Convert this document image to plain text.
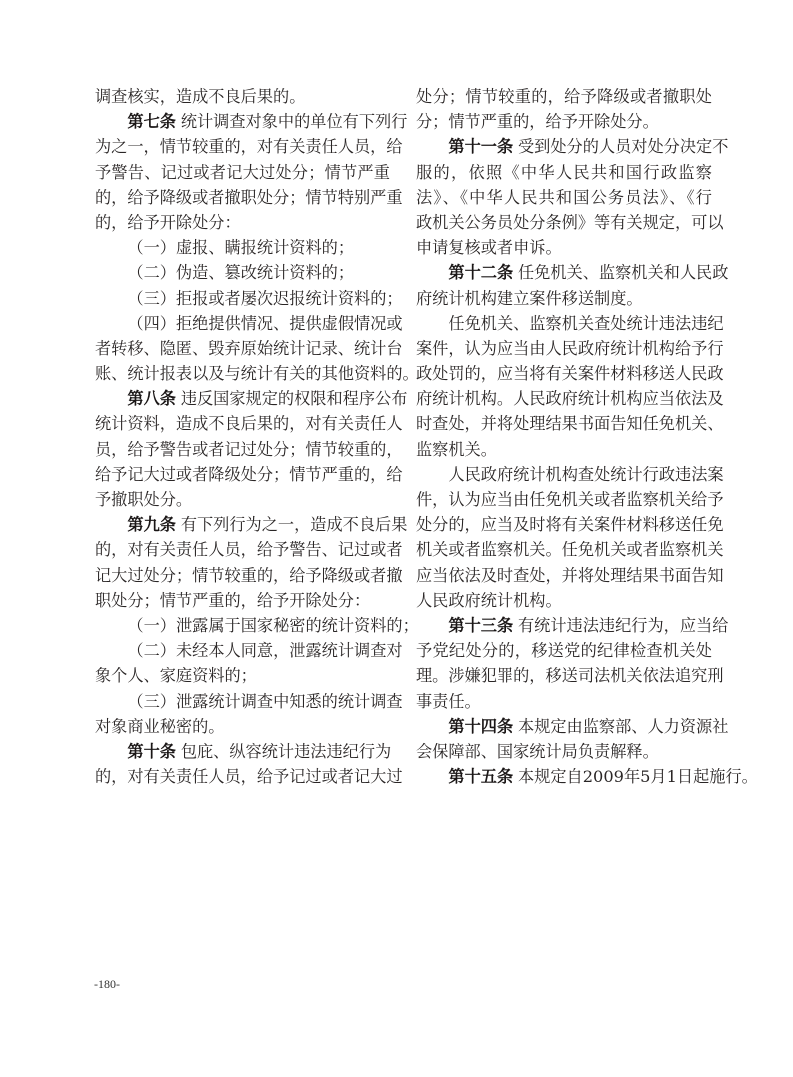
调查核实，造成不良后果的。
第七条 统计调查对象中的单位有下列行
为之一，情节较重的，对有关责任人员，给
予警告、记过或者记大过处分；情节严重
的，给予降级或者撤职处分；情节特别严重
的，给予开除处分：
（一）虚报、瞒报统计资料的；
（二）伪造、篡改统计资料的；
（三）拒报或者屡次迟报统计资料的；
（四）拒绝提供情况、提供虚假情况或
者转移、隐匿、毁弃原始统计记录、统计台
账、统计报表以及与统计有关的其他资料的。
第八条 违反国家规定的权限和程序公布
统计资料，造成不良后果的，对有关责任人
员，给予警告或者记过处分；情节较重的，
给予记大过或者降级处分；情节严重的，给
予撤职处分。
第九条 有下列行为之一，造成不良后果
的，对有关责任人员，给予警告、记过或者
记大过处分；情节较重的，给予降级或者撤
职处分；情节严重的，给予开除处分：
（一）泄露属于国家秘密的统计资料的；
（二）未经本人同意，泄露统计调查对
象个人、家庭资料的；
（三）泄露统计调查中知悉的统计调查
对象商业秘密的。
第十条 包庇、纵容统计违法违纪行为
的，对有关责任人员，给予记过或者记大过
处分；情节较重的，给予降级或者撤职处
分；情节严重的，给予开除处分。
第十一条 受到处分的人员对处分决定不
服的，依照《中华人民共和国行政监察
法》、《中华人民共和国公务员法》、《行
政机关公务员处分条例》等有关规定，可以
申请复核或者申诉。
第十二条 任免机关、监察机关和人民政
府统计机构建立案件移送制度。
任免机关、监察机关查处统计违法违纪
案件，认为应当由人民政府统计机构给予行
政处罚的，应当将有关案件材料移送人民政
府统计机构。人民政府统计机构应当依法及
时查处，并将处理结果书面告知任免机关、
监察机关。
人民政府统计机构查处统计行政违法案
件，认为应当由任免机关或者监察机关给予
处分的，应当及时将有关案件材料移送任免
机关或者监察机关。任免机关或者监察机关
应当依法及时查处，并将处理结果书面告知
人民政府统计机构。
第十三条 有统计违法违纪行为，应当给
予党纪处分的，移送党的纪律检查机关处
理。涉嫌犯罪的，移送司法机关依法追究刑
事责任。
第十四条 本规定由监察部、人力资源社
会保障部、国家统计局负责解释。
第十五条 本规定自2009年5月1日起施行。
-180-
